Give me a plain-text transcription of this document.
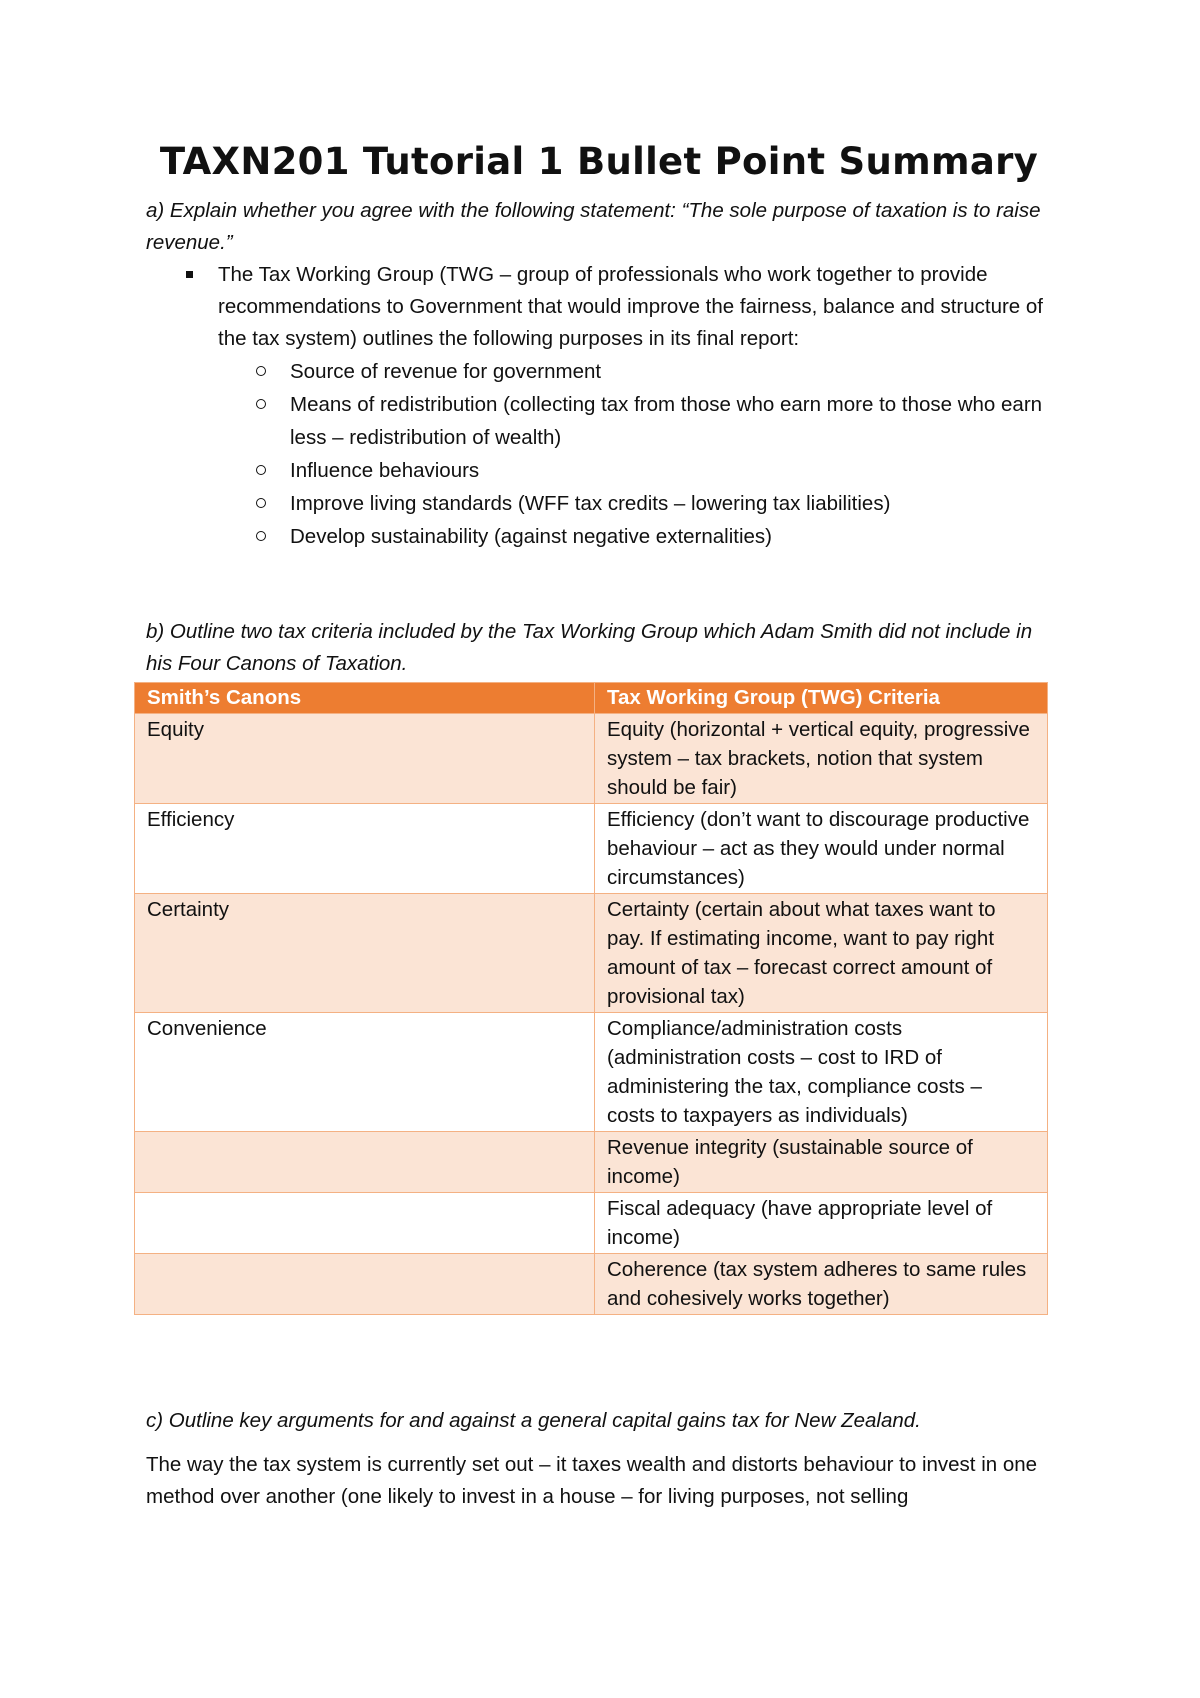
TAXN201 Tutorial 1 Bullet Point Summary

a) Explain whether you agree with the following statement: “The sole purpose of taxation is to raise revenue.”

The Tax Working Group (TWG – group of professionals who work together to provide recommendations to Government that would improve the fairness, balance and structure of the tax system) outlines the following purposes in its final report:
Source of revenue for government
Means of redistribution (collecting tax from those who earn more to those who earn less – redistribution of wealth)
Influence behaviours
Improve living standards (WFF tax credits – lowering tax liabilities)
Develop sustainability (against negative externalities)

b) Outline two tax criteria included by the Tax Working Group which Adam Smith did not include in his Four Canons of Taxation.

Smith’s Canons	Tax Working Group (TWG) Criteria
Equity	Equity (horizontal + vertical equity, progressive system – tax brackets, notion that system should be fair)
Efficiency	Efficiency (don’t want to discourage productive behaviour – act as they would under normal circumstances)
Certainty	Certainty (certain about what taxes want to pay. If estimating income, want to pay right amount of tax – forecast correct amount of provisional tax)
Convenience	Compliance/administration costs (administration costs – cost to IRD of administering the tax, compliance costs – costs to taxpayers as individuals)
	Revenue integrity (sustainable source of income)
	Fiscal adequacy (have appropriate level of income)
	Coherence (tax system adheres to same rules and cohesively works together)

c) Outline key arguments for and against a general capital gains tax for New Zealand.

The way the tax system is currently set out – it taxes wealth and distorts behaviour to invest in one method over another (one likely to invest in a house – for living purposes, not selling
